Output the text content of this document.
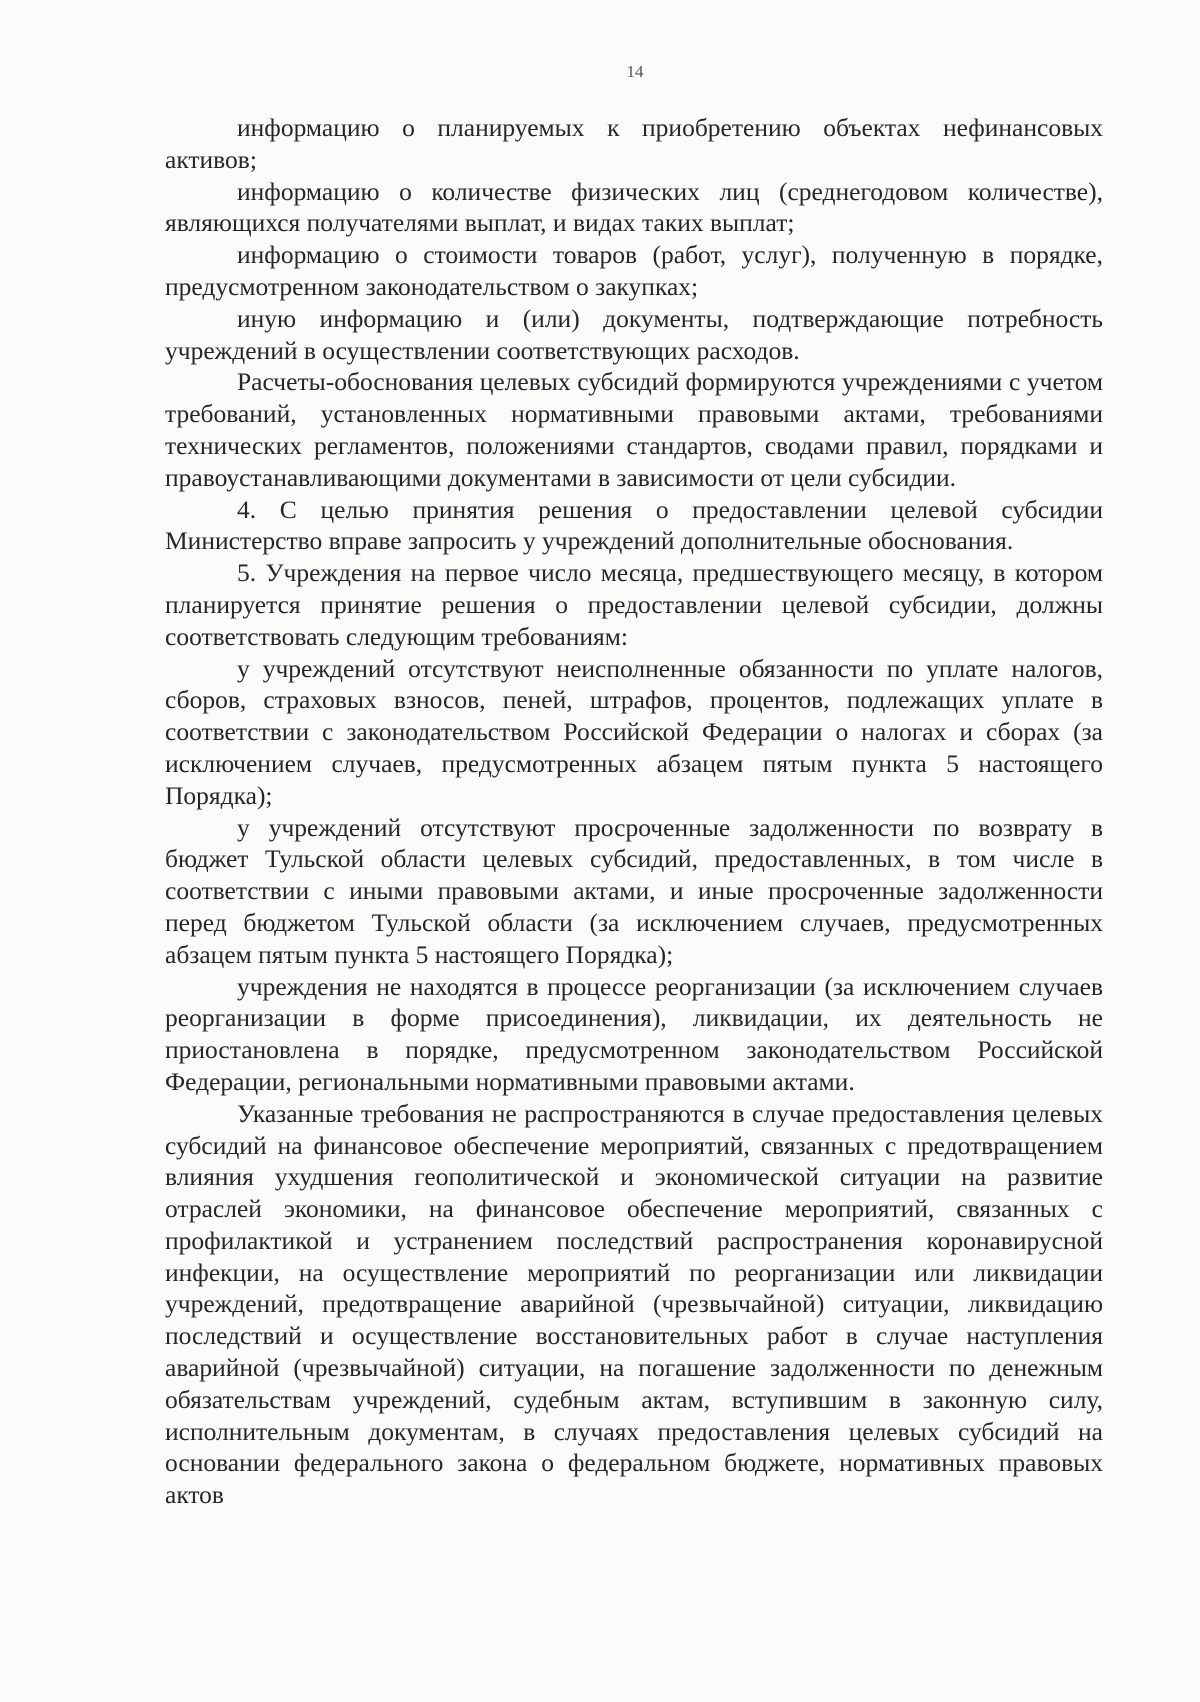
14

информацию о планируемых к приобретению объектах нефинансовых активов;

информацию о количестве физических лиц (среднегодовом количестве), являющихся получателями выплат, и видах таких выплат;

информацию о стоимости товаров (работ, услуг), полученную в порядке, предусмотренном законодательством о закупках;

иную информацию и (или) документы, подтверждающие потребность учреждений в осуществлении соответствующих расходов.

Расчеты-обоснования целевых субсидий формируются учреждениями с учетом требований, установленных нормативными правовыми актами, требованиями технических регламентов, положениями стандартов, сводами правил, порядками и правоустанавливающими документами в зависимости от цели субсидии.

4. С целью принятия решения о предоставлении целевой субсидии Министерство вправе запросить у учреждений дополнительные обоснования.

5. Учреждения на первое число месяца, предшествующего месяцу, в котором планируется принятие решения о предоставлении целевой субсидии, должны соответствовать следующим требованиям:

у учреждений отсутствуют неисполненные обязанности по уплате налогов, сборов, страховых взносов, пеней, штрафов, процентов, подлежащих уплате в соответствии с законодательством Российской Федерации о налогах и сборах (за исключением случаев, предусмотренных абзацем пятым пункта 5 настоящего Порядка);

у учреждений отсутствуют просроченные задолженности по возврату в бюджет Тульской области целевых субсидий, предоставленных, в том числе в соответствии с иными правовыми актами, и иные просроченные задолженности перед бюджетом Тульской области (за исключением случаев, предусмотренных абзацем пятым пункта 5 настоящего Порядка);

учреждения не находятся в процессе реорганизации (за исключением случаев реорганизации в форме присоединения), ликвидации, их деятельность не приостановлена в порядке, предусмотренном законодательством Российской Федерации, региональными нормативными правовыми актами.

Указанные требования не распространяются в случае предоставления целевых субсидий на финансовое обеспечение мероприятий, связанных с предотвращением влияния ухудшения геополитической и экономической ситуации на развитие отраслей экономики, на финансовое обеспечение мероприятий, связанных с профилактикой и устранением последствий распространения коронавирусной инфекции, на осуществление мероприятий по реорганизации или ликвидации учреждений, предотвращение аварийной (чрезвычайной) ситуации, ликвидацию последствий и осуществление восстановительных работ в случае наступления аварийной (чрезвычайной) ситуации, на погашение задолженности по денежным обязательствам учреждений, судебным актам, вступившим в законную силу, исполнительным документам, в случаях предоставления целевых субсидий на основании федерального закона о федеральном бюджете, нормативных правовых актов
